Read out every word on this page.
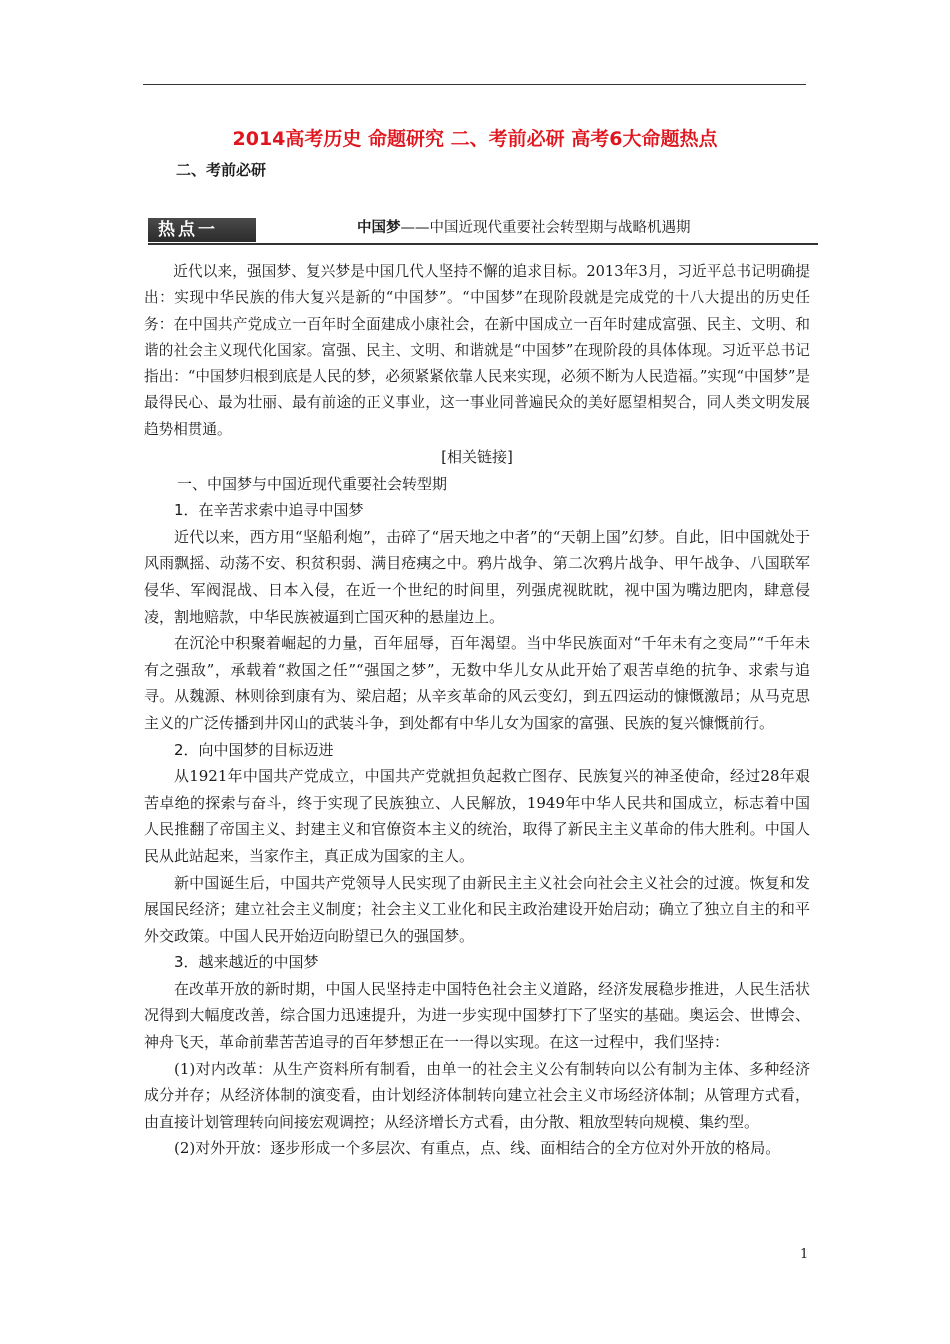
2014高考历史 命题研究 二、考前必研 高考6大命题热点
二、考前必研
热点一	中国梦——中国近现代重要社会转型期与战略机遇期

近代以来，强国梦、复兴梦是中国几代人坚持不懈的追求目标。2013年3月，习近平总书记明确提出：实现中华民族的伟大复兴是新的“中国梦”。“中国梦”在现阶段就是完成党的十八大提出的历史任务：在中国共产党成立一百年时全面建成小康社会，在新中国成立一百年时建成富强、民主、文明、和谐的社会主义现代化国家。富强、民主、文明、和谐就是“中国梦”在现阶段的具体体现。习近平总书记指出：“中国梦归根到底是人民的梦，必须紧紧依靠人民来实现，必须不断为人民造福。”实现“中国梦”是最得民心、最为壮丽、最有前途的正义事业，这一事业同普遍民众的美好愿望相契合，同人类文明发展趋势相贯通。

[相关链接]

一、中国梦与中国近现代重要社会转型期

1．在辛苦求索中追寻中国梦

近代以来，西方用“坚船利炮”，击碎了“居天地之中者”的“天朝上国”幻梦。自此，旧中国就处于风雨飘摇、动荡不安、积贫积弱、满目疮痍之中。鸦片战争、第二次鸦片战争、甲午战争、八国联军侵华、军阀混战、日本入侵，在近一个世纪的时间里，列强虎视眈眈，视中国为嘴边肥肉，肆意侵凌，割地赔款，中华民族被逼到亡国灭种的悬崖边上。

在沉沦中积聚着崛起的力量，百年屈辱，百年渴望。当中华民族面对“千年未有之变局”“千年未有之强敌”，承载着“救国之任”“强国之梦”，无数中华儿女从此开始了艰苦卓绝的抗争、求索与追寻。从魏源、林则徐到康有为、梁启超；从辛亥革命的风云变幻，到五四运动的慷慨激昂；从马克思主义的广泛传播到井冈山的武装斗争，到处都有中华儿女为国家的富强、民族的复兴慷慨前行。

2．向中国梦的目标迈进

从1921年中国共产党成立，中国共产党就担负起救亡图存、民族复兴的神圣使命，经过28年艰苦卓绝的探索与奋斗，终于实现了民族独立、人民解放，1949年中华人民共和国成立，标志着中国人民推翻了帝国主义、封建主义和官僚资本主义的统治，取得了新民主主义革命的伟大胜利。中国人民从此站起来，当家作主，真正成为国家的主人。

新中国诞生后，中国共产党领导人民实现了由新民主主义社会向社会主义社会的过渡。恢复和发展国民经济；建立社会主义制度；社会主义工业化和民主政治建设开始启动；确立了独立自主的和平外交政策。中国人民开始迈向盼望已久的强国梦。

3．越来越近的中国梦

在改革开放的新时期，中国人民坚持走中国特色社会主义道路，经济发展稳步推进，人民生活状况得到大幅度改善，综合国力迅速提升，为进一步实现中国梦打下了坚实的基础。奥运会、世博会、神舟飞天，革命前辈苦苦追寻的百年梦想正在一一得以实现。在这一过程中，我们坚持：

(1)对内改革：从生产资料所有制看，由单一的社会主义公有制转向以公有制为主体、多种经济成分并存；从经济体制的演变看，由计划经济体制转向建立社会主义市场经济体制；从管理方式看，由直接计划管理转向间接宏观调控；从经济增长方式看，由分散、粗放型转向规模、集约型。

(2)对外开放：逐步形成一个多层次、有重点，点、线、面相结合的全方位对外开放的格局。

1
